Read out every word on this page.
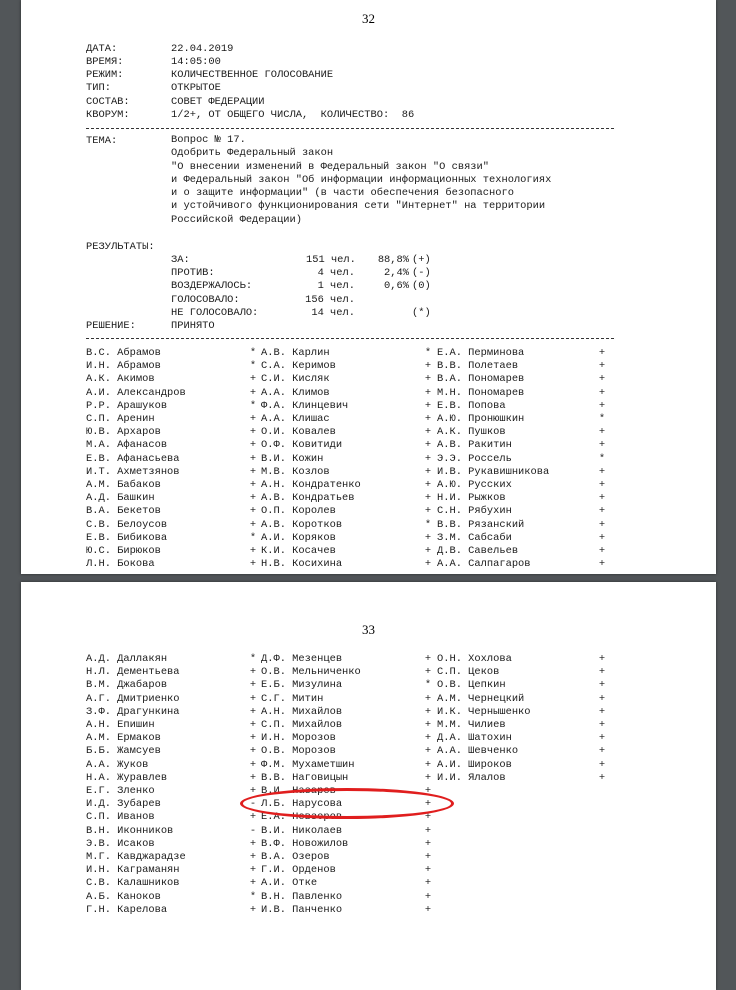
32
ДАТА:	22.04.2019
ВРЕМЯ:	14:05:00
РЕЖИМ:	КОЛИЧЕСТВЕННОЕ ГОЛОСОВАНИЕ
ТИП:	ОТКРЫТОЕ
СОСТАВ:	СОВЕТ ФЕДЕРАЦИИ
КВОРУМ:	1/2+, ОТ ОБЩЕГО ЧИСЛА,  КОЛИЧЕСТВО:  86
ТЕМА:	Вопрос № 17.
Одобрить Федеральный закон
"О внесении изменений в Федеральный закон "О связи"
и Федеральный закон "Об информации информационных технологиях
и о защите информации" (в части обеспечения безопасного
и устойчивого функционирования сети "Интернет" на территории
Российской Федерации)
РЕЗУЛЬТАТЫ:
ЗА:	151 чел.	88,8% (+)
ПРОТИВ:	4 чел.	2,4% (-)
ВОЗДЕРЖАЛОСЬ:	1 чел.	0,6% (0)
ГОЛОСОВАЛО:	156 чел.
НЕ ГОЛОСОВАЛО:	14 чел.	(*)
РЕШЕНИЕ:	ПРИНЯТО
В.С. Абрамов	* А.В. Карлин	* Е.А. Перминова	+
И.Н. Абрамов	* С.А. Керимов	+ В.В. Полетаев	+
А.К. Акимов	+ С.И. Кисляк	+ В.А. Пономарев	+
А.И. Александров	+ А.А. Климов	+ М.Н. Пономарев	+
Р.Р. Арашуков	* Ф.А. Клинцевич	+ Е.В. Попова	+
С.П. Аренин	+ А.А. Клишас	+ А.Ю. Пронюшкин	*
Ю.В. Архаров	+ О.И. Ковалев	+ А.К. Пушков	+
М.А. Афанасов	+ О.Ф. Ковитиди	+ А.В. Ракитин	+
Е.В. Афанасьева	+ В.И. Кожин	+ Э.Э. Россель	*
И.Т. Ахметзянов	+ М.В. Козлов	+ И.В. Рукавишникова	+
А.М. Бабаков	+ А.Н. Кондратенко	+ А.Ю. Русских	+
А.Д. Башкин	+ А.В. Кондратьев	+ Н.И. Рыжков	+
В.А. Бекетов	+ О.П. Королев	+ С.Н. Рябухин	+
С.В. Белоусов	+ А.В. Коротков	* В.В. Рязанский	+
Е.В. Бибикова	* А.И. Коряков	+ З.М. Сабсаби	+
Ю.С. Бирюков	+ К.И. Косачев	+ Д.В. Савельев	+
Л.Н. Бокова	+ Н.В. Косихина	+ А.А. Салпагаров	+
33
А.Д. Даллакян	* Д.Ф. Мезенцев	+ О.Н. Хохлова	+
Н.Л. Дементьева	+ О.В. Мельниченко	+ С.П. Цеков	+
В.М. Джабаров	+ Е.Б. Мизулина	* О.В. Цепкин	+
А.Г. Дмитриенко	+ С.Г. Митин	+ А.М. Чернецкий	+
З.Ф. Драгункина	+ А.Н. Михайлов	+ И.К. Чернышенко	+
А.Н. Епишин	+ С.П. Михайлов	+ М.М. Чилиев	+
А.М. Ермаков	+ И.Н. Морозов	+ Д.А. Шатохин	+
Б.Б. Жамсуев	+ О.В. Морозов	+ А.А. Шевченко	+
А.А. Жуков	+ Ф.М. Мухаметшин	+ А.И. Широков	+
Н.А. Журавлев	+ В.В. Наговицын	+ И.И. Ялалов	+
Е.Г. Зленко	+ В.И. Назаров	+
И.Д. Зубарев	- Л.Б. Нарусова	+
С.П. Иванов	+ Е.А. Невзоров	+
В.Н. Иконников	- В.И. Николаев	+
Э.В. Исаков	+ В.Ф. Новожилов	+
М.Г. Кавджарадзе	+ В.А. Озеров	+
И.Н. Каграманян	+ Г.И. Орденов	+
С.В. Калашников	+ А.И. Отке	+
А.Б. Каноков	* В.Н. Павленко	+
Г.Н. Карелова	+ И.В. Панченко	+
